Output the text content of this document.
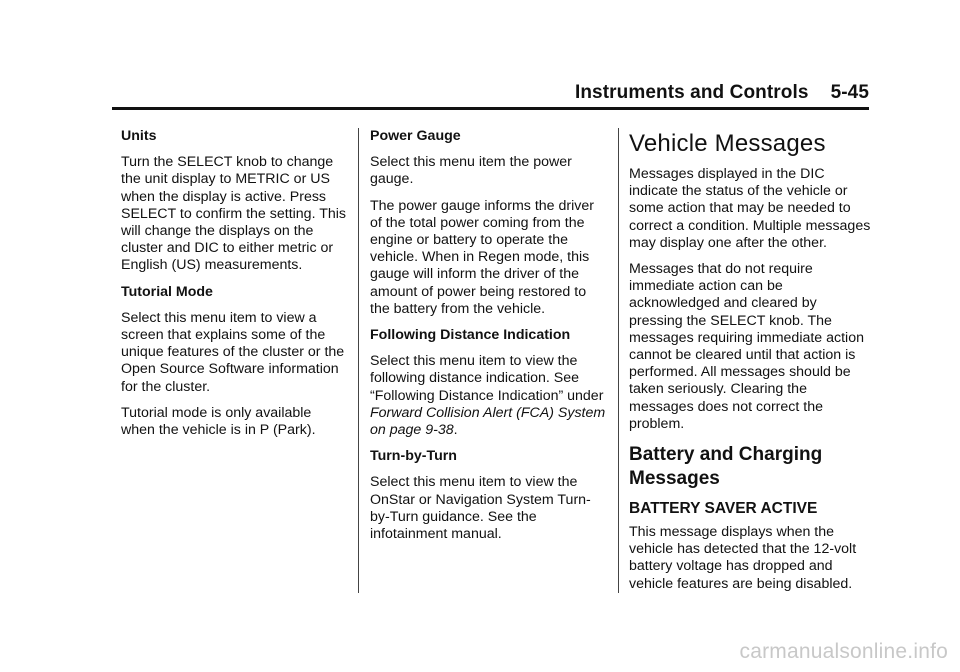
Instruments and Controls 5-45
Units
Turn the SELECT knob to change the unit display to METRIC or US when the display is active. Press SELECT to confirm the setting. This will change the displays on the cluster and DIC to either metric or English (US) measurements.
Tutorial Mode
Select this menu item to view a screen that explains some of the unique features of the cluster or the Open Source Software information for the cluster.
Tutorial mode is only available when the vehicle is in P (Park).
Power Gauge
Select this menu item the power gauge.
The power gauge informs the driver of the total power coming from the engine or battery to operate the vehicle. When in Regen mode, this gauge will inform the driver of the amount of power being restored to the battery from the vehicle.
Following Distance Indication
Select this menu item to view the following distance indication. See “Following Distance Indication” under Forward Collision Alert (FCA) System on page 9-38.
Turn-by-Turn
Select this menu item to view the OnStar or Navigation System Turn-by-Turn guidance. See the infotainment manual.
Vehicle Messages
Messages displayed in the DIC indicate the status of the vehicle or some action that may be needed to correct a condition. Multiple messages may display one after the other.
Messages that do not require immediate action can be acknowledged and cleared by pressing the SELECT knob. The messages requiring immediate action cannot be cleared until that action is performed. All messages should be taken seriously. Clearing the messages does not correct the problem.
Battery and Charging Messages
BATTERY SAVER ACTIVE
This message displays when the vehicle has detected that the 12-volt battery voltage has dropped and vehicle features are being disabled.
carmanualsonline.info
